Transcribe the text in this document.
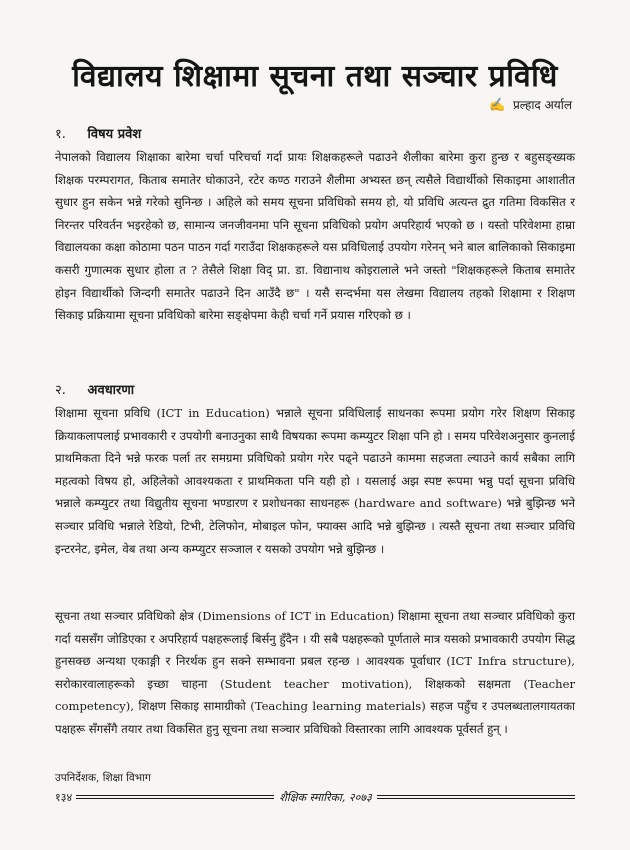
विद्यालय शिक्षामा सूचना तथा सञ्चार प्रविधि
✍ प्रल्हाद अर्याल
१. विषय प्रवेश

नेपालको विद्यालय शिक्षाका बारेमा चर्चा परिचर्चा गर्दा प्रायः शिक्षकहरूले पढाउने शैलीका बारेमा कुरा हुन्छ र बहुसङ्ख्यक शिक्षक परम्परागत, किताब समातेर घोकाउने, रटेर कण्ठ गराउने शैलीमा अभ्यस्त छन् त्यसैले विद्यार्थीको सिकाइमा आशातीत सुधार हुन सकेन भन्ने गरेको सुनिन्छ । अहिले को समय सूचना प्रविधिको समय हो, यो प्रविधि अत्यन्त द्रुत गतिमा विकसित र निरन्तर परिवर्तन भइरहेको छ, सामान्य जनजीवनमा पनि सूचना प्रविधिको प्रयोग अपरिहार्य भएको छ । यस्तो परिवेशमा हाम्रा विद्यालयका कक्षा कोठामा पठन पाठन गर्दा गराउँदा शिक्षकहरूले यस प्रविधिलाई उपयोग गरेनन् भने बाल बालिकाको सिकाइमा कसरी गुणात्मक सुधार होला त ? तेसैले शिक्षा विद् प्रा. डा. विद्यानाथ कोइरालाले भने जस्तो "शिक्षकहरूले किताब समातेर होइन विद्यार्थीको जिन्दगी समातेर पढाउने दिन आउँदै छ" । यसै सन्दर्भमा यस लेखमा विद्यालय तहको शिक्षामा र शिक्षण सिकाइ प्रक्रियामा सूचना प्रविधिको बारेमा सङ्क्षेपमा केही चर्चा गर्ने प्रयास गरिएको छ ।

२. अवधारणा

शिक्षामा सूचना प्रविधि (ICT in Education) भन्नाले सूचना प्रविधिलाई साधनका रूपमा प्रयोग गरेर शिक्षण सिकाइ क्रियाकलापलाई प्रभावकारी र उपयोगी बनाउनुका साथै विषयका रूपमा कम्प्युटर शिक्षा पनि हो । समय परिवेशअनुसार कुनलाई प्राथमिकता दिने भन्ने फरक पर्ला तर समग्रमा प्रविधिको प्रयोग गरेर पढ्ने पढाउने काममा सहजता ल्याउने कार्य सबैका लागि महत्वको विषय हो, अहिलेको आवश्यकता र प्राथमिकता पनि यही हो । यसलाई अझ स्पष्ट रूपमा भन्नु पर्दा सूचना प्रविधि भन्नाले कम्प्युटर तथा विद्युतीय सूचना भण्डारण र प्रशोधनका साधनहरू (hardware and software) भन्ने बुझिन्छ भने सञ्चार प्रविधि भन्नाले रेडियो, टिभी, टेलिफोन, मोबाइल फोन, फ्याक्स आदि भन्ने बुझिन्छ । त्यस्तै सूचना तथा सञ्चार प्रविधि इन्टरनेट, इमेल, वेब तथा अन्य कम्प्युटर सञ्जाल र यसको उपयोग भन्ने बुझिन्छ ।

सूचना तथा सञ्चार प्रविधिको क्षेत्र (Dimensions of ICT in Education) शिक्षामा सूचना तथा सञ्चार प्रविधिको कुरा गर्दा यससँग जोडिएका र अपरिहार्य पक्षहरूलाई बिर्सनु हुँदैन । यी सबै पक्षहरूको पूर्णताले मात्र यसको प्रभावकारी उपयोग सिद्ध हुनसक्छ अन्यथा एकाङ्गी र निरर्थक हुन सक्ने सम्भावना प्रबल रहन्छ । आवश्यक पूर्वाधार (ICT Infra structure), सरोकारवालाहरूको इच्छा चाहना (Student teacher motivation), शिक्षकको सक्षमता (Teacher competency), शिक्षण सिकाइ सामाग्रीको (Teaching learning materials) सहज पहुँच र उपलब्धतालगायतका पक्षहरू सँगसँगै तयार तथा विकसित हुनु सूचना तथा सञ्चार प्रविधिको विस्तारका लागि आवश्यक पूर्वसर्त हुन् ।

उपनिर्देशक, शिक्षा विभाग
१३४	शैक्षिक स्मारिका, २०७३
